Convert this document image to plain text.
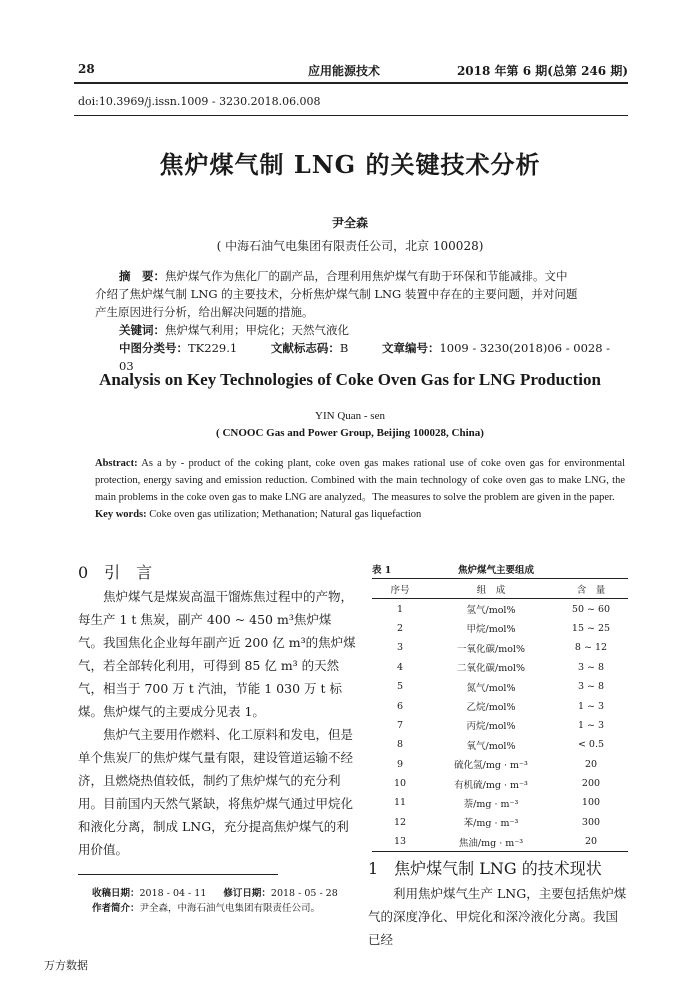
28	应用能源技术	2018 年第 6 期(总第 246 期)
doi:10.3969/j.issn.1009 - 3230.2018.06.008
焦炉煤气制 LNG 的关键技术分析
尹全森
( 中海石油气电集团有限责任公司，北京 100028)

摘　要：焦炉煤气作为焦化厂的副产品，合理利用焦炉煤气有助于环保和节能减排。文中

介绍了焦炉煤气制 LNG 的主要技术，分析焦炉煤气制 LNG 装置中存在的主要问题，并对问题

产生原因进行分析，给出解决问题的措施。

关键词：焦炉煤气利用；甲烷化；天然气液化

中图分类号：TK229.1	文献标志码：B	文章编号：1009 - 3230(2018)06 - 0028 - 03

Analysis on Key Technologies of Coke Oven Gas for LNG Production
YIN Quan - sen
( CNOOC Gas and Power Group, Beijing 100028, China)

Abstract: As a by - product of the coking plant, coke oven gas makes rational use of coke oven gas for environmental protection, energy saving and emission reduction. Combined with the main technology of coke oven gas to make LNG, the main problems in the coke oven gas to make LNG are analyzed。The measures to solve the problem are given in the paper.

Key words: Coke oven gas utilization; Methanation; Natural gas liquefaction

0　引　言

　　焦炉煤气是煤炭高温干馏炼焦过程中的产物，每生产 1 t 焦炭，副产 400 ~ 450 m³焦炉煤气。我国焦化企业每年副产近 200 亿 m³的焦炉煤气，若全部转化利用，可得到 85 亿 m³ 的天然气，相当于 700 万 t 汽油，节能 1 030 万 t 标煤。焦炉煤气的主要成分见表 1。

　　焦炉气主要用作燃料、化工原料和发电，但是单个焦炭厂的焦炉煤气量有限，建设管道运输不经济，且燃烧热值较低，制约了焦炉煤气的充分利用。目前国内天然气紧缺，将焦炉煤气通过甲烷化和液化分离，制成 LNG，充分提高焦炉煤气的利用价值。

表 1	焦炉煤气主要组成
序号	组　成	含　量
1	氢气/mol%	50 ~ 60
2	甲烷/mol%	15 ~ 25
3	一氧化碳/mol%	8 ~ 12
4	二氧化碳/mol%	3 ~ 8
5	氮气/mol%	3 ~ 8
6	乙烷/mol%	1 ~ 3
7	丙烷/mol%	1 ~ 3
8	氧气/mol%	< 0.5
9	硫化氢/mg · m⁻³	20
10	有机硫/mg · m⁻³	200
11	萘/mg · m⁻³	100
12	苯/mg · m⁻³	300
13	焦油/mg · m⁻³	20
1　焦炉煤气制 LNG 的技术现状

　　利用焦炉煤气生产 LNG，主要包括焦炉煤气的深度净化、甲烷化和深冷液化分离。我国已经

收稿日期：2018 - 04 - 11 修订日期：2018 - 05 - 28
作者简介：尹全森，中海石油气电集团有限责任公司。
万方数据
